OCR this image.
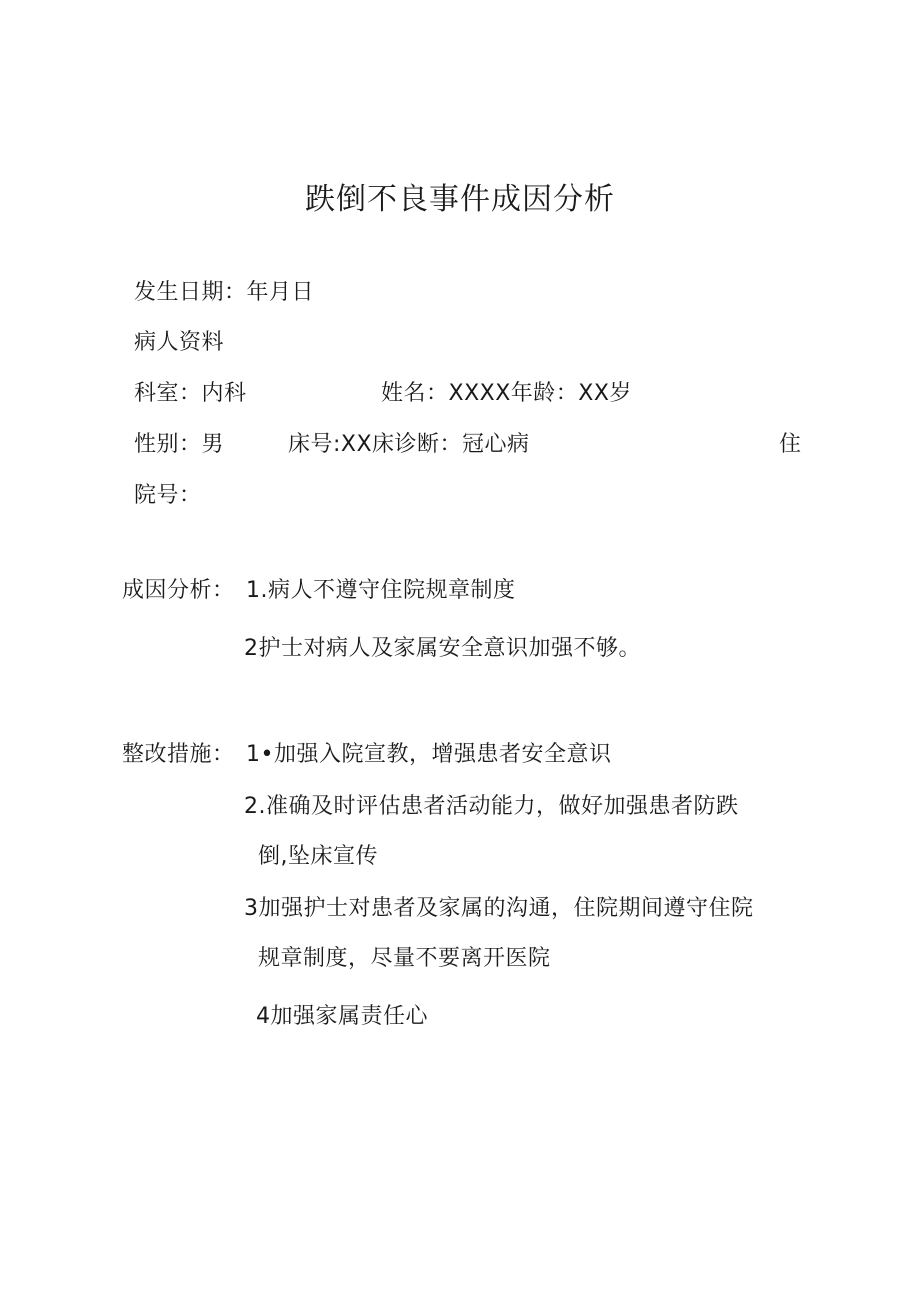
跌倒不良事件成因分析
发生日期：年月日
病人资料
科室：内科	姓名：XXXX年龄：XX岁
性别：男	床号:XX床诊断：冠心病	住
院号：
成因分析： 1.病人不遵守住院规章制度
2护士对病人及家属安全意识加强不够。
整改措施： 1•加强入院宣教，增强患者安全意识
2.准确及时评估患者活动能力，做好加强患者防跌
倒,坠床宣传
3加强护士对患者及家属的沟通，住院期间遵守住院
规章制度，尽量不要离开医院
4加强家属责任心
